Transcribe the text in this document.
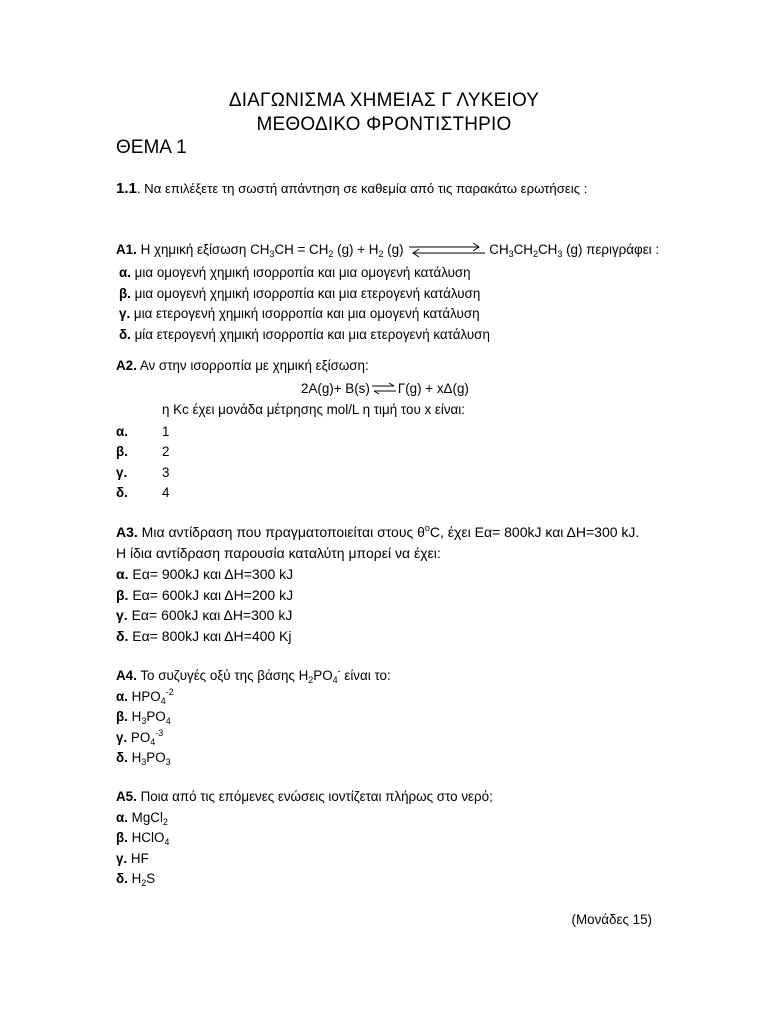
ΔΙΑΓΩΝΙΣΜΑ ΧΗΜΕΙΑΣ Γ ΛΥΚΕΙΟΥ
ΜΕΘΟΔΙΚΟ ΦΡΟΝΤΙΣΤΗΡΙΟ
ΘΕΜΑ 1
1.1. Να επιλέξετε τη σωστή απάντηση σε καθεμία από τις παρακάτω ερωτήσεις :
Α1. Η χημική εξίσωση $CH_3CH = CH_2$ $(g) + H_2$ (g)	$CH_3CH_2CH_3$ (g) περιγράφει :
α. μια ομογενή χημική ισορροπία και μια ομογενή κατάλυση
β. μια ομογενή χημική ισορροπία και μια ετερογενή κατάλυση
γ. μια ετερογενή χημική ισορροπία και μια ομογενή κατάλυση
δ. μία ετερογενή χημική ισορροπία και μια ετερογενή κατάλυση
Α2. Αν στην ισορροπία με χημική εξίσωση:
2Α(g)+ Β(s)⇌Γ(g) + xΔ(g)
η Kc έχει μονάδα μέτρησης mol/L η τιμή του x είναι:
α.	1
β.	2
γ.	3
δ.	4
Α3. Μια αντίδραση που πραγματοποιείται στους $\theta^oC$, έχει Εα= 800kJ και ΔΗ=300 kJ.
Η ίδια αντίδραση παρουσία καταλύτη μπορεί να έχει:
α. Εα= 900kJ και ΔΗ=300 kJ
β. Εα= 600kJ και ΔΗ=200 kJ
γ. Εα= 600kJ και ΔΗ=300 kJ
δ. Εα= 800kJ και ΔΗ=400 Kj
Α4. Το συζυγές οξύ της βάσης $H_2PO_4^-$ είναι το:
α. $HPO_4^{-2}$
β. $H_3PO_4$
γ. $PO_4^{-3}$
δ. $H_3PO_3$
Α5. Ποια από τις επόμενες ενώσεις ιοντίζεται πλήρως στο νερό;
α. MgCl$_2$
β. HClO$_4$
γ. HF
δ. $H_2S$
(Μονάδες 15)
